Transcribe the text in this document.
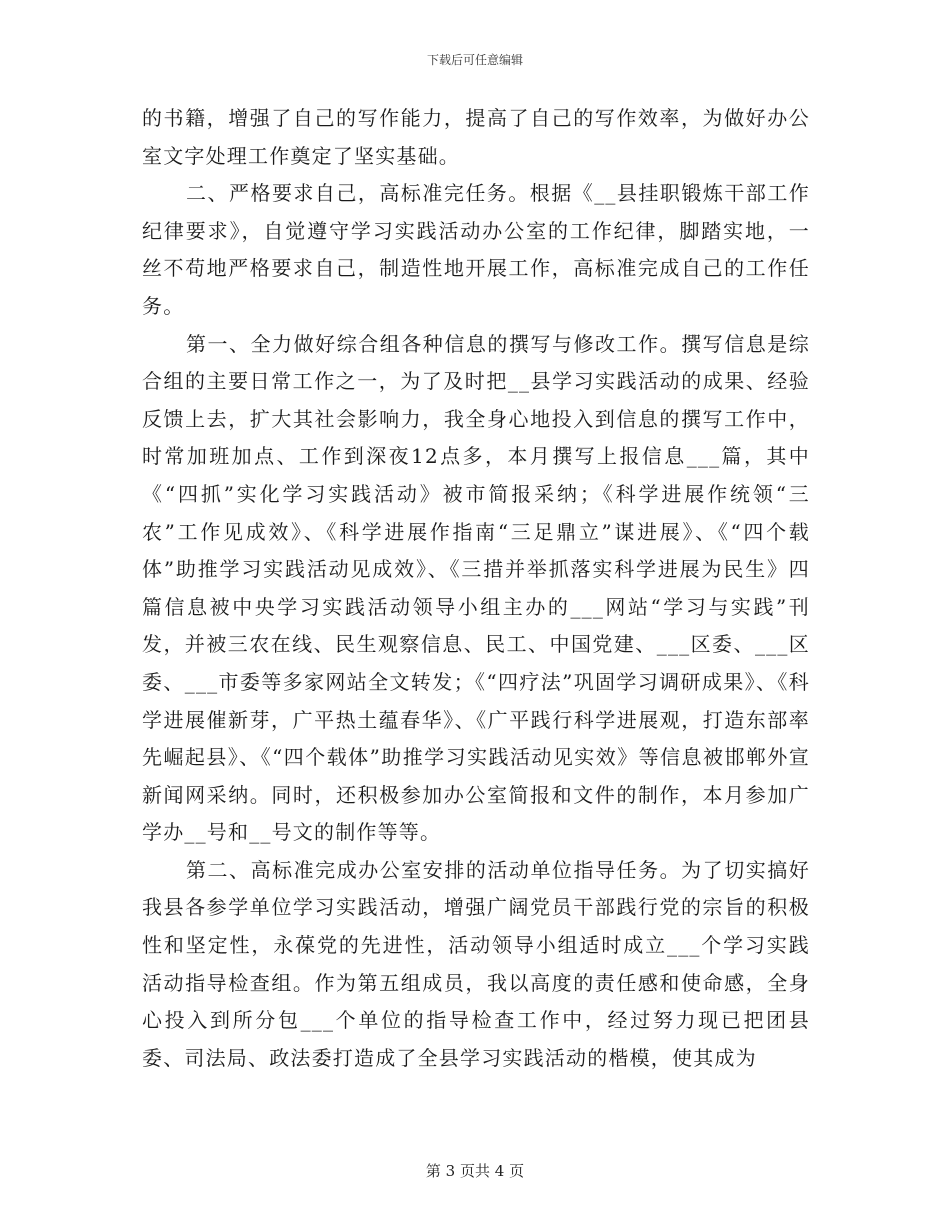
下载后可任意编辑

的书籍，增强了自己的写作能力，提高了自己的写作效率，为做好办公室文字处理工作奠定了坚实基础。

二、严格要求自己，高标准完任务。根据《__县挂职锻炼干部工作纪律要求》，自觉遵守学习实践活动办公室的工作纪律，脚踏实地，一丝不苟地严格要求自己，制造性地开展工作，高标准完成自己的工作任务。

第一、全力做好综合组各种信息的撰写与修改工作。撰写信息是综合组的主要日常工作之一，为了及时把__县学习实践活动的成果、经验反馈上去，扩大其社会影响力，我全身心地投入到信息的撰写工作中，时常加班加点、工作到深夜12点多，本月撰写上报信息___篇，其中《“四抓”实化学习实践活动》被市简报采纳；《科学进展作统领“三农”工作见成效》、《科学进展作指南“三足鼎立”谋进展》、《“四个载体”助推学习实践活动见成效》、《三措并举抓落实科学进展为民生》四篇信息被中央学习实践活动领导小组主办的___网站“学习与实践”刊发，并被三农在线、民生观察信息、民工、中国党建、___区委、___区委、___市委等多家网站全文转发；《“四疗法”巩固学习调研成果》、《科学进展催新芽，广平热土蕴春华》、《广平践行科学进展观，打造东部率先崛起县》、《“四个载体”助推学习实践活动见实效》等信息被邯郸外宣新闻网采纳。同时，还积极参加办公室简报和文件的制作，本月参加广学办__号和__号文的制作等等。

第二、高标准完成办公室安排的活动单位指导任务。为了切实搞好我县各参学单位学习实践活动，增强广阔党员干部践行党的宗旨的积极性和坚定性，永葆党的先进性，活动领导小组适时成立___个学习实践活动指导检查组。作为第五组成员，我以高度的责任感和使命感，全身心投入到所分包___个单位的指导检查工作中，经过努力现已把团县委、司法局、政法委打造成了全县学习实践活动的楷模，使其成为

第 3 页共 4 页
